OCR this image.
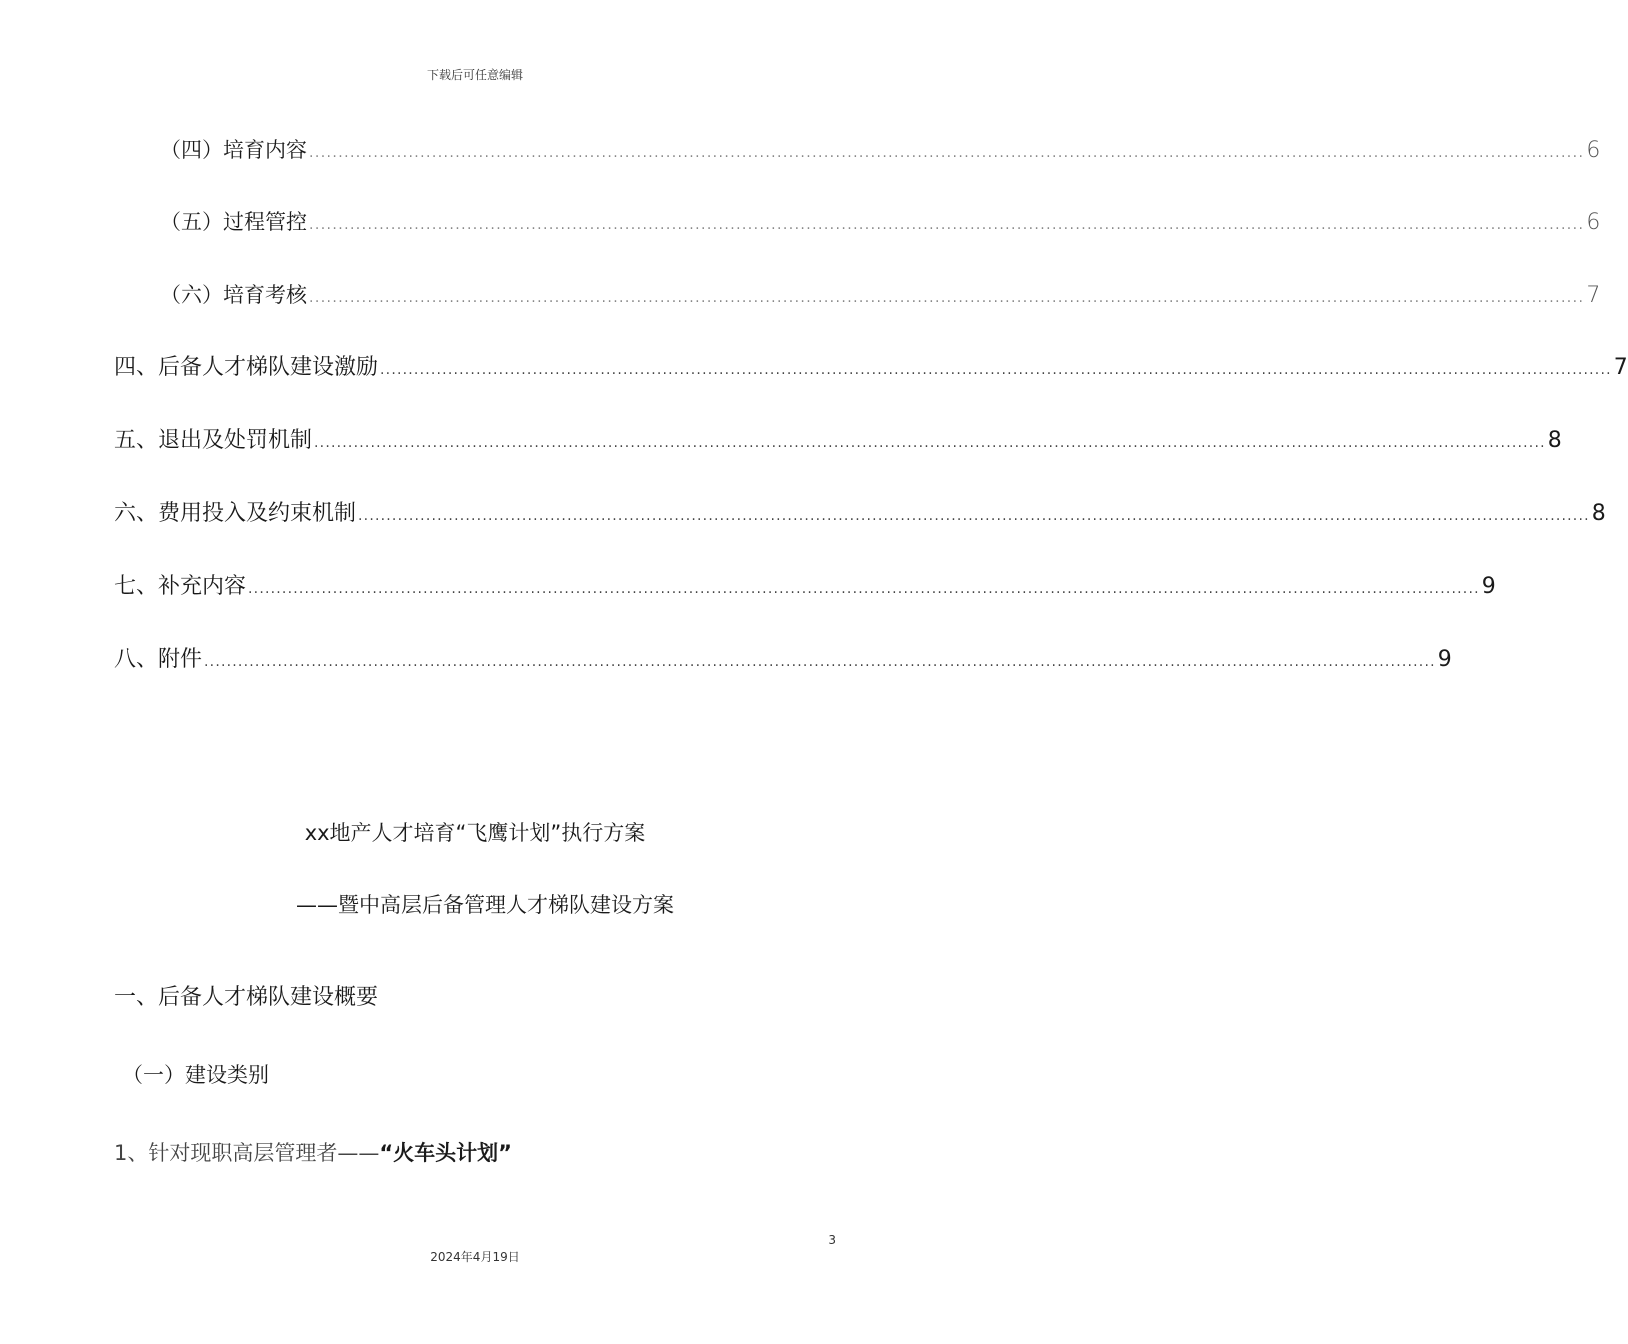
下载后可任意编辑
（四）培育内容 .......................................................................................................................................................................................................................... 6
（五）过程管控 .......................................................................................................................................................................................................................... 6
（六）培育考核 .......................................................................................................................................................................................................................... 7
四、后备人才梯队建设激励 .......................................................................................................................................................................................................................... 7
五、退出及处罚机制 .......................................................................................................................................................................................................................... 8
六、费用投入及约束机制 .......................................................................................................................................................................................................................... 8
七、补充内容 .......................................................................................................................................................................................................................... 9
八、附件 .......................................................................................................................................................................................................................... 9
xx地产人才培育“飞鹰计划”执行方案
——暨中高层后备管理人才梯队建设方案
一、后备人才梯队建设概要
（一）建设类别
1、针对现职高层管理者——“火车头计划”
3
2024年4月19日
